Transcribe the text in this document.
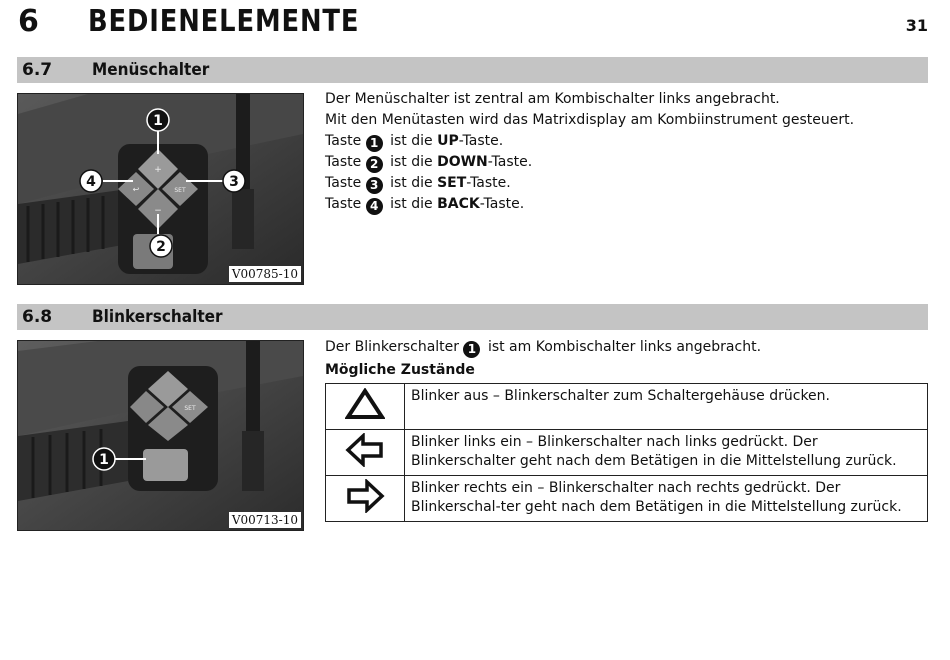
6 BEDIENELEMENTE	31
6.7 Menüschalter
+
−
SET
↩
1
4	3
2
V00785-10

Der Menüschalter ist zentral am Kombischalter links angebracht.

Mit den Menütasten wird das Matrixdisplay am Kombiinstrument gesteuert.

Taste 1 ist die UP-Taste.

Taste 2 ist die DOWN-Taste.

Taste 3 ist die SET-Taste.

Taste 4 ist die BACK-Taste.

6.8 Blinkerschalter
SET
1
V00713-10

Der Blinkerschalter 1 ist am Kombischalter links angebracht.

Mögliche Zustände
	Blinker aus – Blinkerschalter zum Schaltergehäuse drücken.
	Blinker links ein – Blinkerschalter nach links gedrückt. Der Blinkerschalter geht nach dem Betätigen in die Mittelstellung zurück.
	Blinker rechts ein – Blinkerschalter nach rechts gedrückt. Der Blinkerschal-ter geht nach dem Betätigen in die Mittelstellung zurück.
